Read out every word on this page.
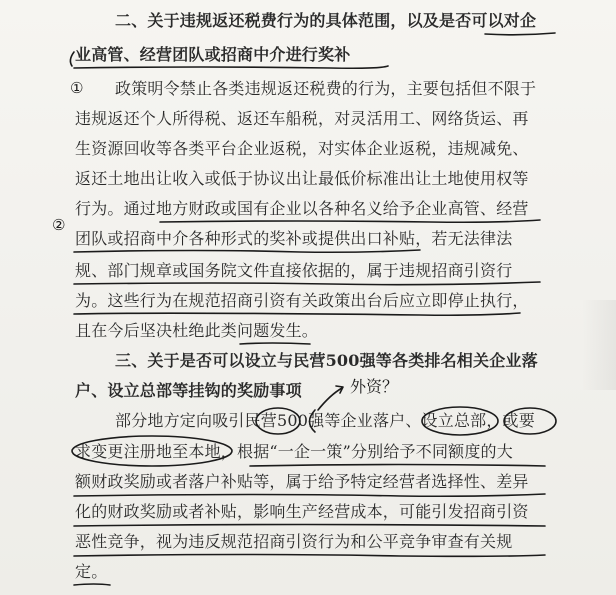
二、关于违规返还税费行为的具体范围，以及是否可以对企
业高管、经营团队或招商中介进行奖补
政策明令禁止各类违规返还税费的行为，主要包括但不限于
违规返还个人所得税、返还车船税，对灵活用工、网络货运、再
生资源回收等各类平台企业返税，对实体企业返税，违规减免、
返还土地出让收入或低于协议出让最低价标准出让土地使用权等
行为。通过地方财政或国有企业以各种名义给予企业高管、经营
团队或招商中介各种形式的奖补或提供出口补贴，若无法律法
规、部门规章或国务院文件直接依据的，属于违规招商引资行
为。这些行为在规范招商引资有关政策出台后应立即停止执行，
且在今后坚决杜绝此类问题发生。
三、关于是否可以设立与民营500强等各类排名相关企业落
户、设立总部等挂钩的奖励事项
部分地方定向吸引民营500强等企业落户、设立总部，或要
求变更注册地至本地，根据“一企一策”分别给予不同额度的大
额财政奖励或者落户补贴等，属于给予特定经营者选择性、差异
化的财政奖励或者补贴，影响生产经营成本，可能引发招商引资
恶性竞争，视为违反规范招商引资行为和公平竞争审查有关规
定。
①
②
外资？
